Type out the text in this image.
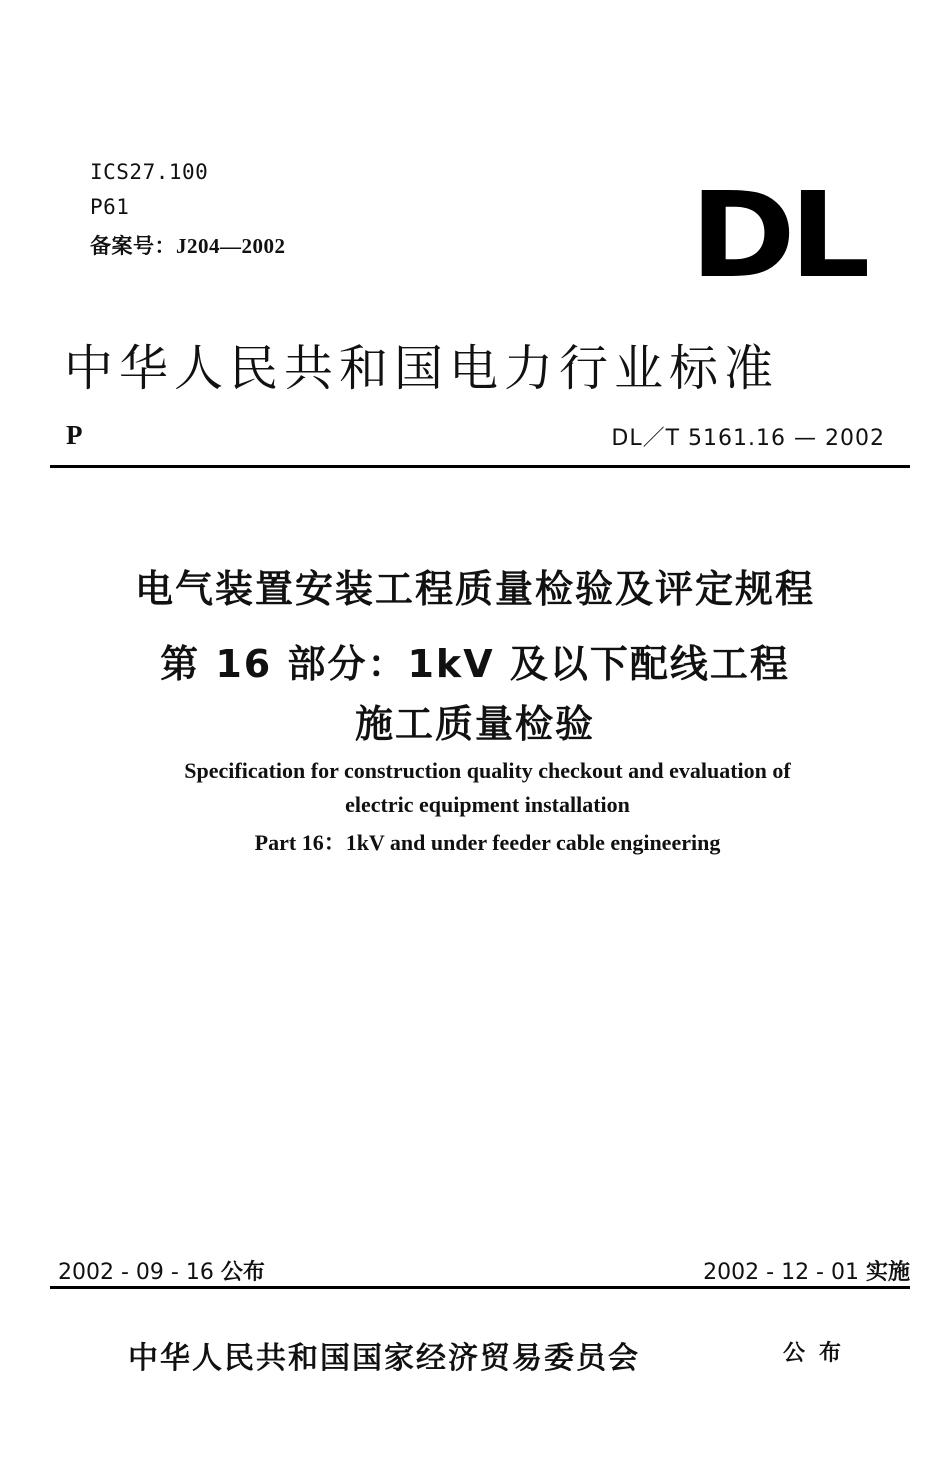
ICS27.100
P61
备案号：J204—2002	DL
中华人民共和国电力行业标准
P	DL／T 5161.16 — 2002
电气装置安装工程质量检验及评定规程
第 16 部分：1kV 及以下配线工程
施工质量检验
Specification for construction quality checkout and evaluation of
electric equipment installation
Part 16：1kV and under feeder cable engineering
2002 - 09 - 16 公布	2002 - 12 - 01 实施
中华人民共和国国家经济贸易委员会	公布
